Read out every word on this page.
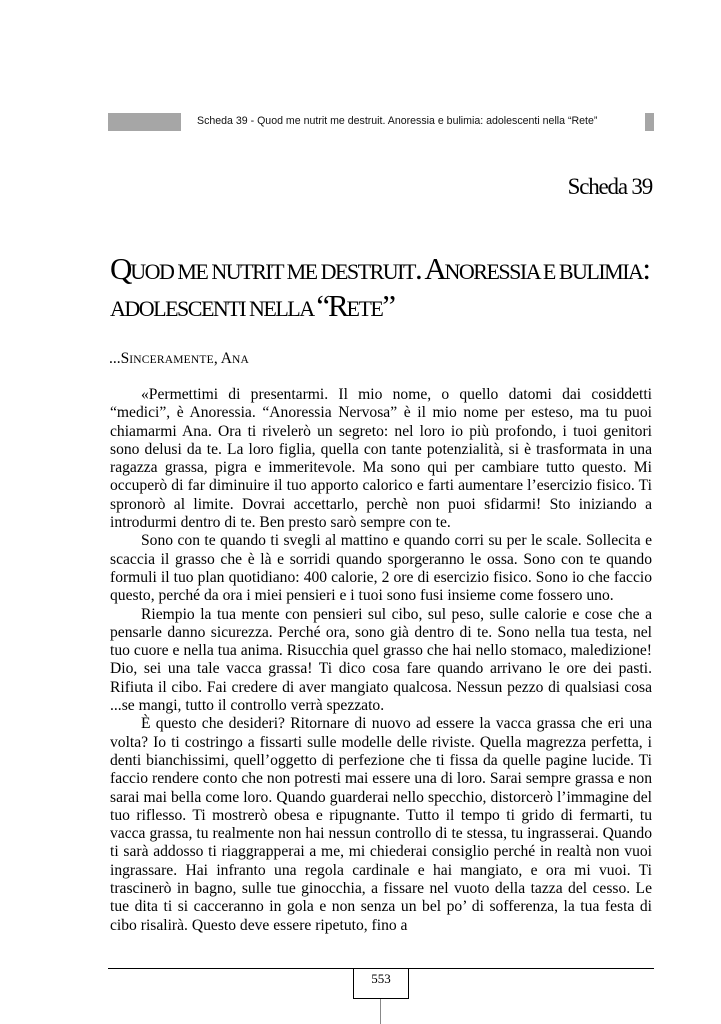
Scheda 39 - Quod me nutrit me destruit. Anoressia e bulimia: adolescenti nella “Rete”
Scheda 39
QUOD ME NUTRIT ME DESTRUIT. ANORESSIA E BULIMIA:
ADOLESCENTI NELLA “RETE”
...SINCERAMENTE, ANA

«Permettimi di presentarmi. Il mio nome, o quello datomi dai cosiddetti “medici”, è Anoressia. “Anoressia Nervosa” è il mio nome per esteso, ma tu puoi chiamarmi Ana. Ora ti rivelerò un segreto: nel loro io più profondo, i tuoi genitori sono delusi da te. La loro figlia, quella con tante potenzialità, si è trasformata in una ragazza grassa, pigra e immeritevole. Ma sono qui per cambiare tutto questo. Mi occuperò di far diminuire il tuo apporto calorico e farti aumentare l’esercizio fisico. Ti spronorò al limite. Dovrai accettarlo, perchè non puoi sfidarmi! Sto iniziando a introdurmi dentro di te. Ben presto sarò sempre con te.

Sono con te quando ti svegli al mattino e quando corri su per le scale. Sollecita e scaccia il grasso che è là e sorridi quando sporgeranno le ossa. Sono con te quando formuli il tuo plan quotidiano: 400 calorie, 2 ore di esercizio fisico. Sono io che faccio questo, perché da ora i miei pensieri e i tuoi sono fusi insieme come fossero uno.

Riempio la tua mente con pensieri sul cibo, sul peso, sulle calorie e cose che a pensarle danno sicurezza. Perché ora, sono già dentro di te. Sono nella tua testa, nel tuo cuore e nella tua anima. Risucchia quel grasso che hai nello stomaco, maledizione! Dio, sei una tale vacca grassa! Ti dico cosa fare quando arrivano le ore dei pasti. Rifiuta il cibo. Fai credere di aver mangiato qualcosa. Nessun pezzo di qualsiasi cosa ...se mangi, tutto il controllo verrà spezzato.

È questo che desideri? Ritornare di nuovo ad essere la vacca grassa che eri una volta? Io ti costringo a fissarti sulle modelle delle riviste. Quella magrezza perfetta, i denti bianchissimi, quell’oggetto di perfezione che ti fissa da quelle pagine lucide. Ti faccio rendere conto che non potresti mai essere una di loro. Sarai sempre grassa e non sarai mai bella come loro. Quando guarderai nello specchio, distorcerò l’immagine del tuo riflesso. Ti mostrerò obesa e ripugnante. Tutto il tempo ti grido di fermarti, tu vacca grassa, tu realmente non hai nessun controllo di te stessa, tu ingrasserai. Quando ti sarà addosso ti riaggrapperai a me, mi chiederai consiglio perché in realtà non vuoi ingrassare. Hai infranto una regola cardinale e hai mangiato, e ora mi vuoi. Ti trascinerò in bagno, sulle tue ginocchia, a fissare nel vuoto della tazza del cesso. Le tue dita ti si cacceranno in gola e non senza un bel po’ di sofferenza, la tua festa di cibo risalirà. Questo deve essere ripetuto, fino a

553
